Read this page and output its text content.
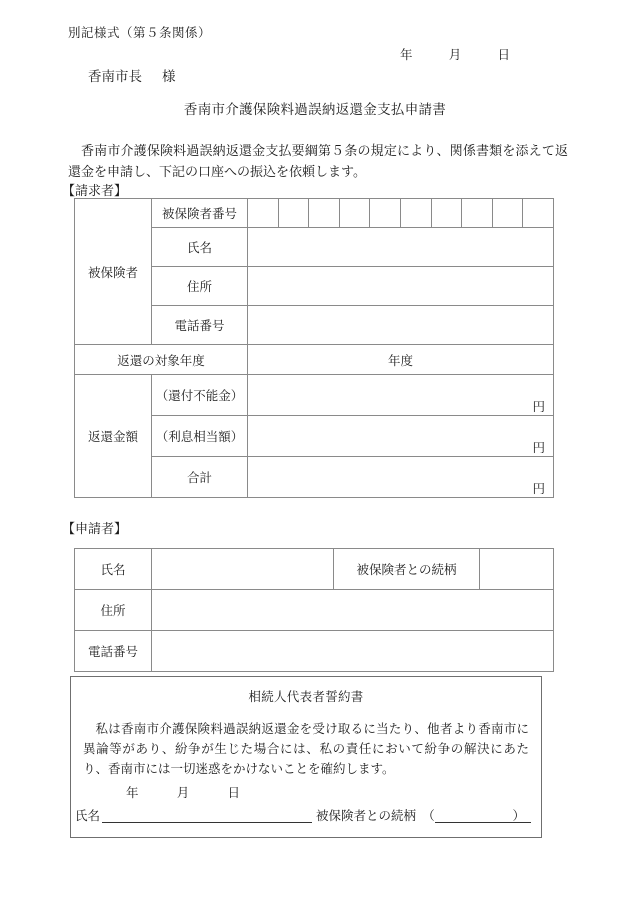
別記様式（第５条関係）
年	月	日
香南市長 様
香南市介護保険料過誤納返還金支払申請書
香南市介護保険料過誤納返還金支払要綱第５条の規定により、関係書類を添えて返還金を申請し、下記の口座への振込を依頼します。
【請求者】
被保険者	被保険者番号										
	氏名										
	住所										
	電話番号										
返還の対象年度		年度									
返還金額	（還付不能金）	円									

	（利息相当額）	円									

	合計	円									
【申請者】
氏名		被保険者との続柄	
住所			
電話番号			
相続人代表者誓約書
私は香南市介護保険料過誤納返還金を受け取るに当たり、他者より香南市に異論等があり、紛争が生じた場合には、私の責任において紛争の解決にあたり、香南市には一切迷惑をかけないことを確約します。
年	月	日
氏名	被保険者との続柄　（	）
